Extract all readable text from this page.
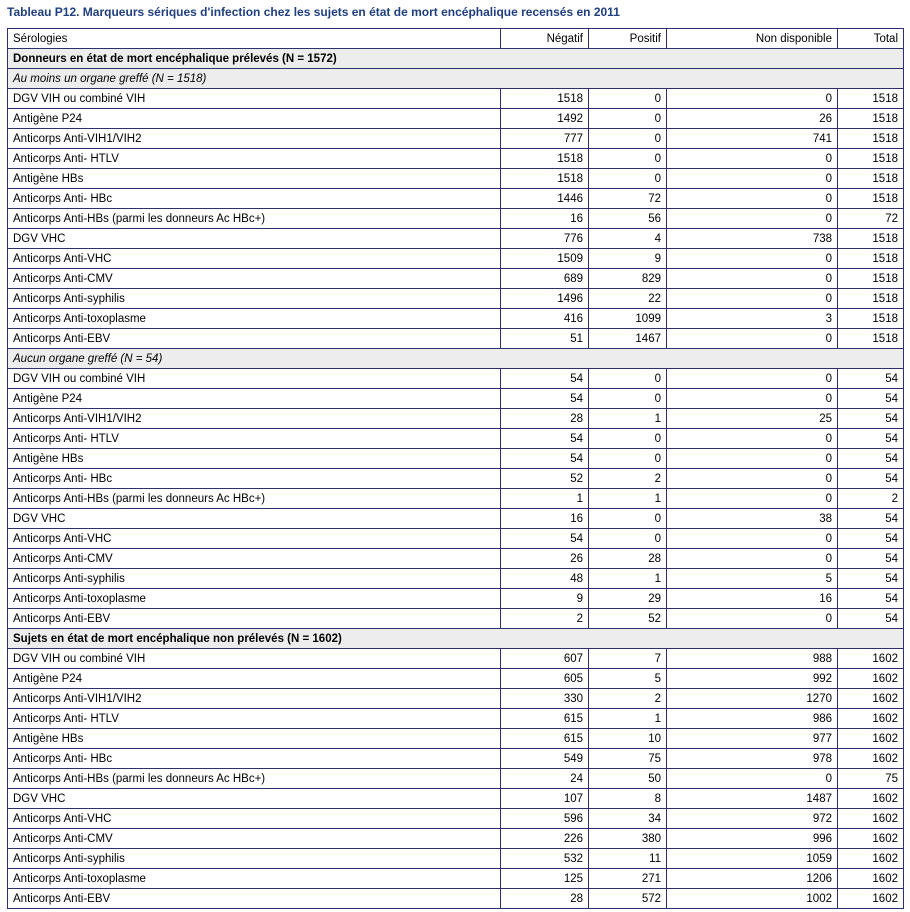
Tableau P12. Marqueurs sériques d'infection chez les sujets en état de mort encéphalique recensés en 2011
Sérologies	Négatif	Positif	Non disponible	Total
Donneurs en état de mort encéphalique prélevés (N = 1572)				
Au moins un organe greffé (N = 1518)				
DGV VIH ou combiné VIH	1518	0	0	1518
Antigène P24	1492	0	26	1518
Anticorps Anti-VIH1/VIH2	777	0	741	1518
Anticorps Anti- HTLV	1518	0	0	1518
Antigène HBs	1518	0	0	1518
Anticorps Anti- HBc	1446	72	0	1518
Anticorps Anti-HBs (parmi les donneurs Ac HBc+)	16	56	0	72
DGV VHC	776	4	738	1518
Anticorps Anti-VHC	1509	9	0	1518
Anticorps Anti-CMV	689	829	0	1518
Anticorps Anti-syphilis	1496	22	0	1518
Anticorps Anti-toxoplasme	416	1099	3	1518
Anticorps Anti-EBV	51	1467	0	1518
Aucun organe greffé (N = 54)				
DGV VIH ou combiné VIH	54	0	0	54
Antigène P24	54	0	0	54
Anticorps Anti-VIH1/VIH2	28	1	25	54
Anticorps Anti- HTLV	54	0	0	54
Antigène HBs	54	0	0	54
Anticorps Anti- HBc	52	2	0	54
Anticorps Anti-HBs (parmi les donneurs Ac HBc+)	1	1	0	2
DGV VHC	16	0	38	54
Anticorps Anti-VHC	54	0	0	54
Anticorps Anti-CMV	26	28	0	54
Anticorps Anti-syphilis	48	1	5	54
Anticorps Anti-toxoplasme	9	29	16	54
Anticorps Anti-EBV	2	52	0	54
Sujets en état de mort encéphalique non prélevés (N = 1602)				
DGV VIH ou combiné VIH	607	7	988	1602
Antigène P24	605	5	992	1602
Anticorps Anti-VIH1/VIH2	330	2	1270	1602
Anticorps Anti- HTLV	615	1	986	1602
Antigène HBs	615	10	977	1602
Anticorps Anti- HBc	549	75	978	1602
Anticorps Anti-HBs (parmi les donneurs Ac HBc+)	24	50	0	75
DGV VHC	107	8	1487	1602
Anticorps Anti-VHC	596	34	972	1602
Anticorps Anti-CMV	226	380	996	1602
Anticorps Anti-syphilis	532	11	1059	1602
Anticorps Anti-toxoplasme	125	271	1206	1602
Anticorps Anti-EBV	28	572	1002	1602
